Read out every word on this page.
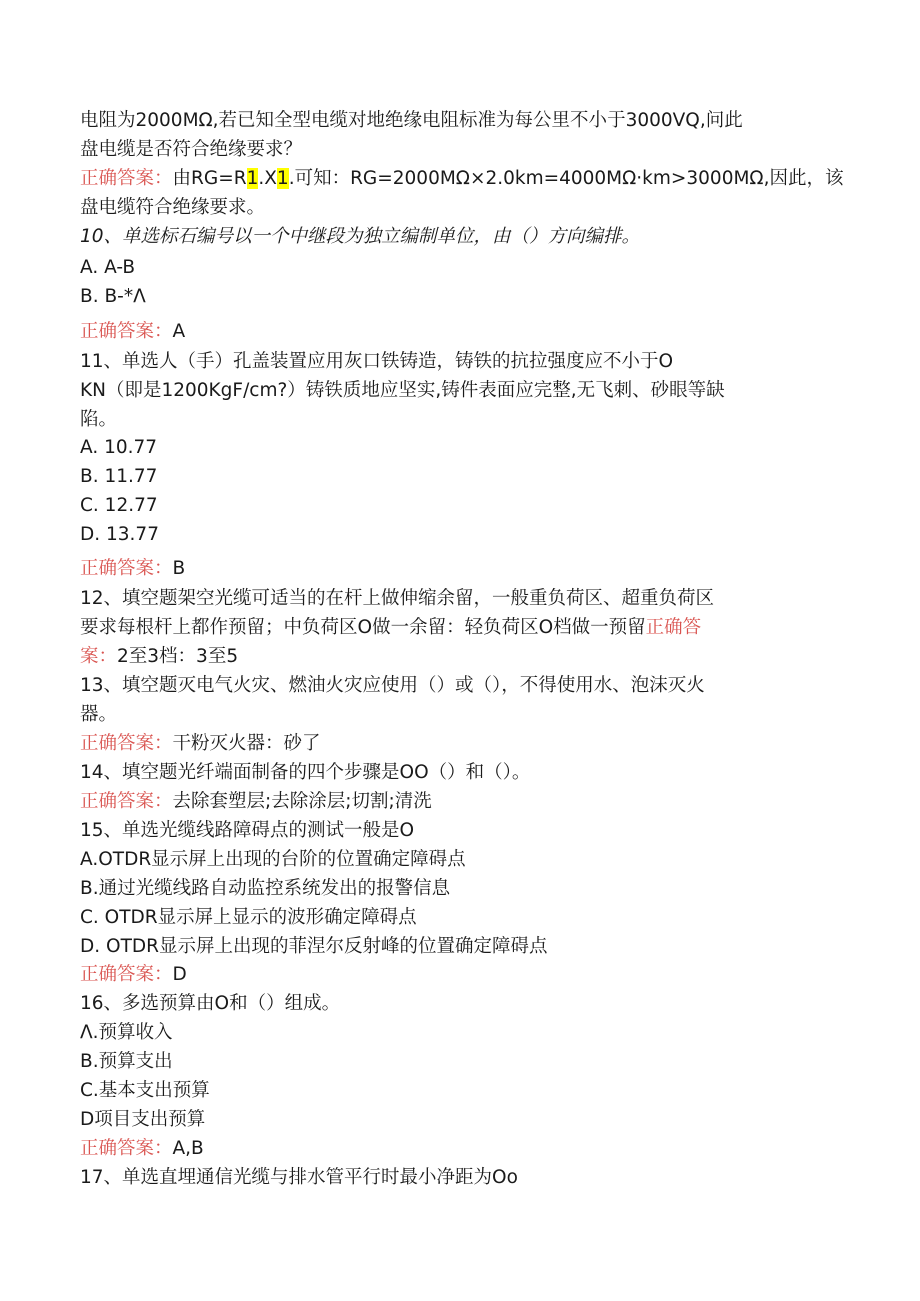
电阻为2000MΩ,若已知全型电缆对地绝缘电阻标准为每公里不小于3000VQ,问此
盘电缆是否符合绝缘要求？
正确答案：由RG=R1.X1.可知：RG=2000MΩ×2.0km=4000MΩ·km>3000MΩ,因此，该
盘电缆符合绝缘要求。
10、单选标石编号以一个中继段为独立编制单位，由（）方向编排。
A. A-B
B. B-*Λ
正确答案：A
11、单选人（手）孔盖装置应用灰口铁铸造，铸铁的抗拉强度应不小于O
KN（即是1200KgF/cm?）铸铁质地应坚实,铸件表面应完整,无飞刺、砂眼等缺
陷。
A. 10.77
B. 11.77
C. 12.77
D. 13.77
正确答案：B
12、填空题架空光缆可适当的在杆上做伸缩余留，一般重负荷区、超重负荷区
要求每根杆上都作预留；中负荷区O做一余留：轻负荷区O档做一预留正确答
案：2至3档：3至5
13、填空题灭电气火灾、燃油火灾应使用（）或（），不得使用水、泡沫灭火
器。
正确答案：干粉灭火器：砂了
14、填空题光纤端面制备的四个步骤是OO（）和（）。
正确答案：去除套塑层;去除涂层;切割;清洗
15、单选光缆线路障碍点的测试一般是O
A.OTDR显示屏上出现的台阶的位置确定障碍点
B.通过光缆线路自动监控系统发出的报警信息
C. OTDR显示屏上显示的波形确定障碍点
D. OTDR显示屏上出现的菲涅尔反射峰的位置确定障碍点
正确答案：D
16、多选预算由O和（）组成。
Λ.预算收入
B.预算支出
C.基本支出预算
D项目支出预算
正确答案：A,B
17、单选直埋通信光缆与排水管平行时最小净距为Oo
